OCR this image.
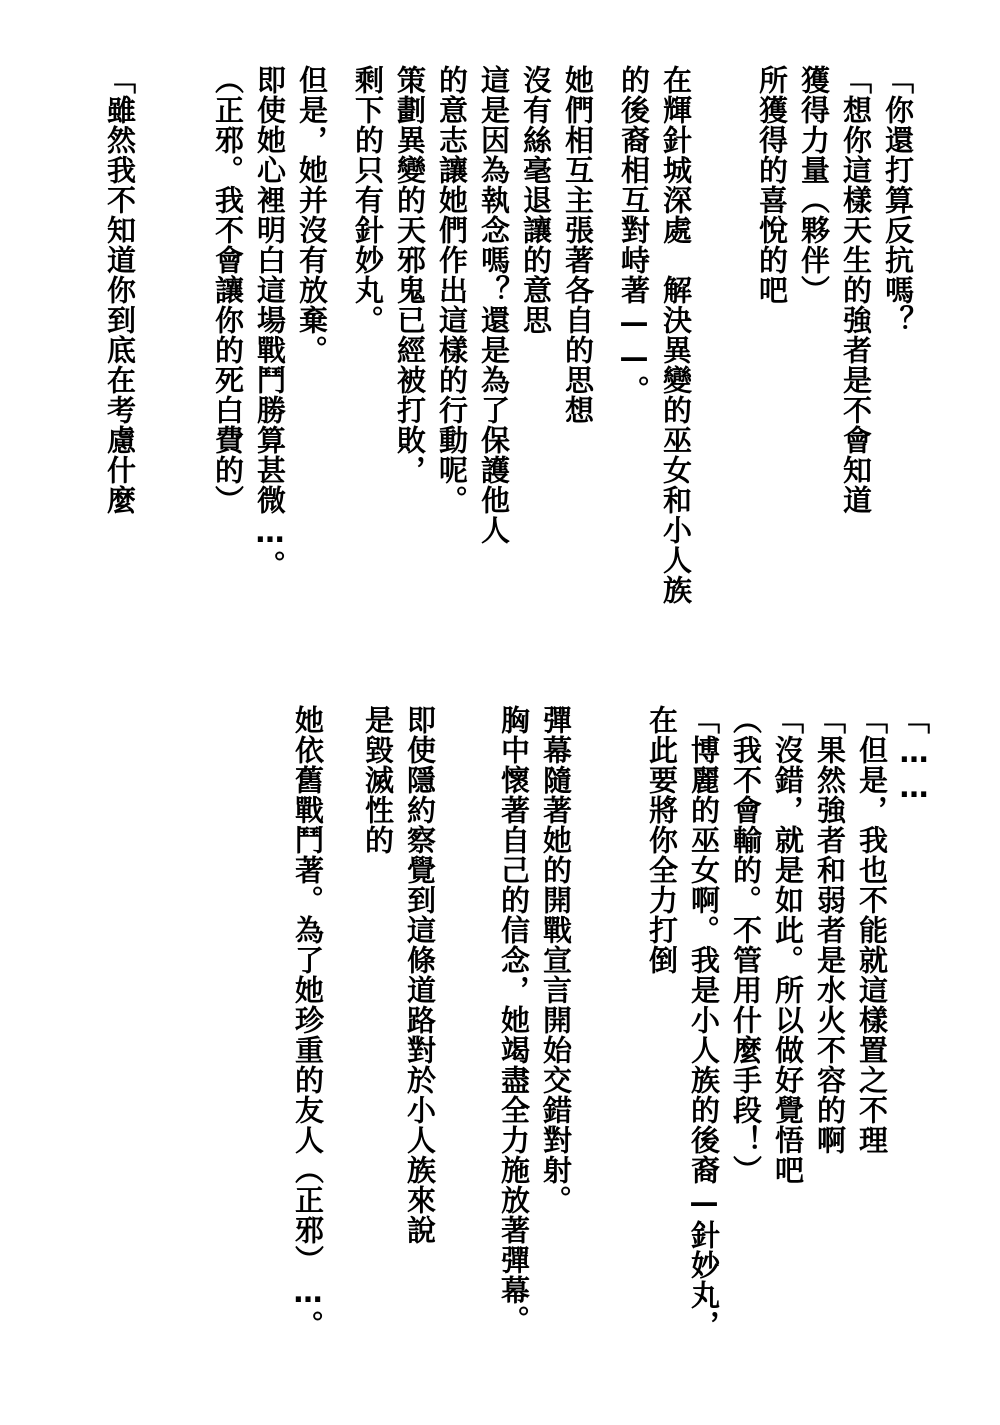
「你還打算反抗嗎？
「想你這樣天生的強者是不會知道
獲得力量（夥伴）
所獲得的喜悅的吧
在輝針城深處　解決異變的巫女和小人族
的後裔相互對峙著——。
她們相互主張著各自的思想
沒有絲毫退讓的意思
這是因為執念嗎？還是為了保護他人
的意志讓她們作出這樣的行動呢。
策劃異變的天邪鬼已經被打敗，
剩下的只有針妙丸。
但是，她并沒有放棄。
即使她心裡明白這場戰鬥勝算甚微…。
（正邪。我不會讓你的死白費的）
「雖然我不知道你到底在考慮什麼
「……
「但是，我也不能就這樣置之不理
「果然強者和弱者是水火不容的啊
「沒錯，就是如此。所以做好覺悟吧
（我不會輸的。不管用什麼手段！）
「博麗的巫女啊。我是小人族的後裔—針妙丸，
在此要將你全力打倒
彈幕隨著她的開戰宣言開始交錯對射。
胸中懷著自己的信念，她竭盡全力施放著彈幕。
即使隱約察覺到這條道路對於小人族來說
是毀滅性的
她依舊戰鬥著。為了她珍重的友人（正邪）…。
